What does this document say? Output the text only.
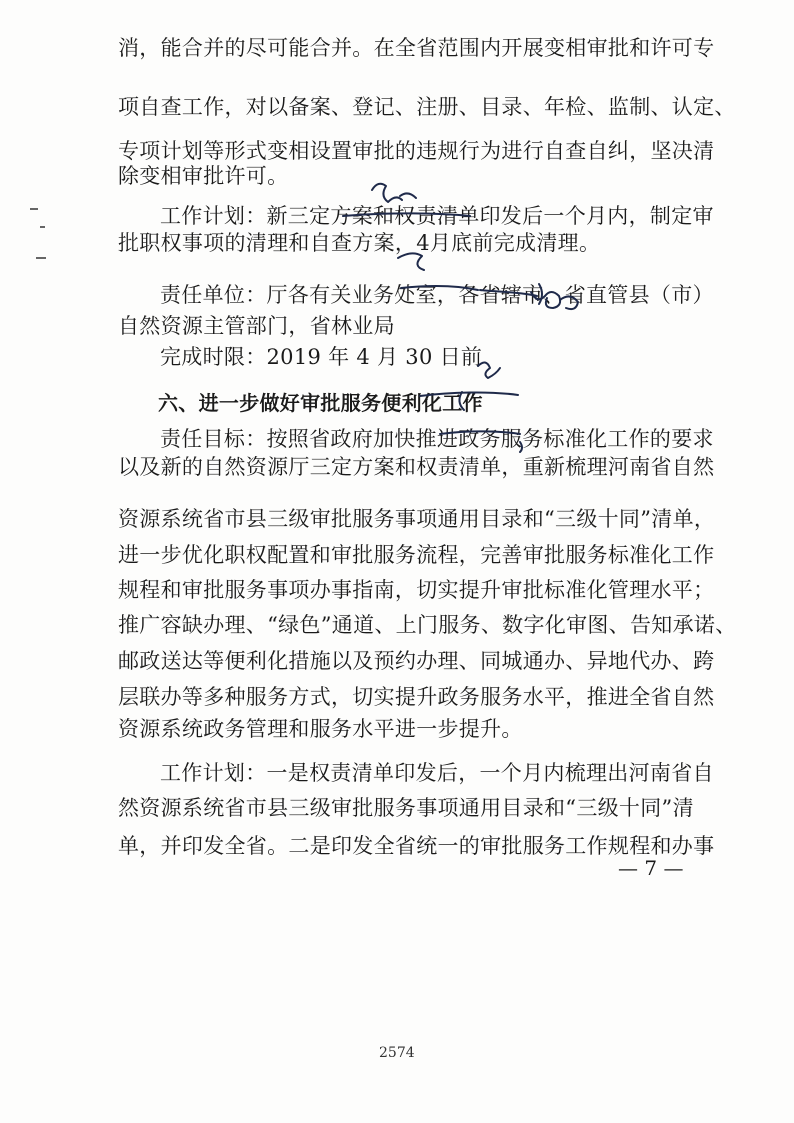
消，能合并的尽可能合并。在全省范围内开展变相审批和许可专
项自查工作，对以备案、登记、注册、目录、年检、监制、认定、
专项计划等形式变相设置审批的违规行为进行自查自纠，坚决清
除变相审批许可。
工作计划：新三定方案和权责清单印发后一个月内，制定审
批职权事项的清理和自查方案，4月底前完成清理。
责任单位：厅各有关业务处室，各省辖市、省直管县（市）
自然资源主管部门，省林业局
完成时限：2019 年 4 月 30 日前
六、进一步做好审批服务便利化工作
责任目标：按照省政府加快推进政务服务标准化工作的要求
以及新的自然资源厅三定方案和权责清单，重新梳理河南省自然
资源系统省市县三级审批服务事项通用目录和“三级十同”清单，
进一步优化职权配置和审批服务流程，完善审批服务标准化工作
规程和审批服务事项办事指南，切实提升审批标准化管理水平；
推广容缺办理、“绿色”通道、上门服务、数字化审图、告知承诺、
邮政送达等便利化措施以及预约办理、同城通办、异地代办、跨
层联办等多种服务方式，切实提升政务服务水平，推进全省自然
资源系统政务管理和服务水平进一步提升。
工作计划：一是权责清单印发后，一个月内梳理出河南省自
然资源系统省市县三级审批服务事项通用目录和“三级十同”清
单，并印发全省。二是印发全省统一的审批服务工作规程和办事
— 7 —
2574
